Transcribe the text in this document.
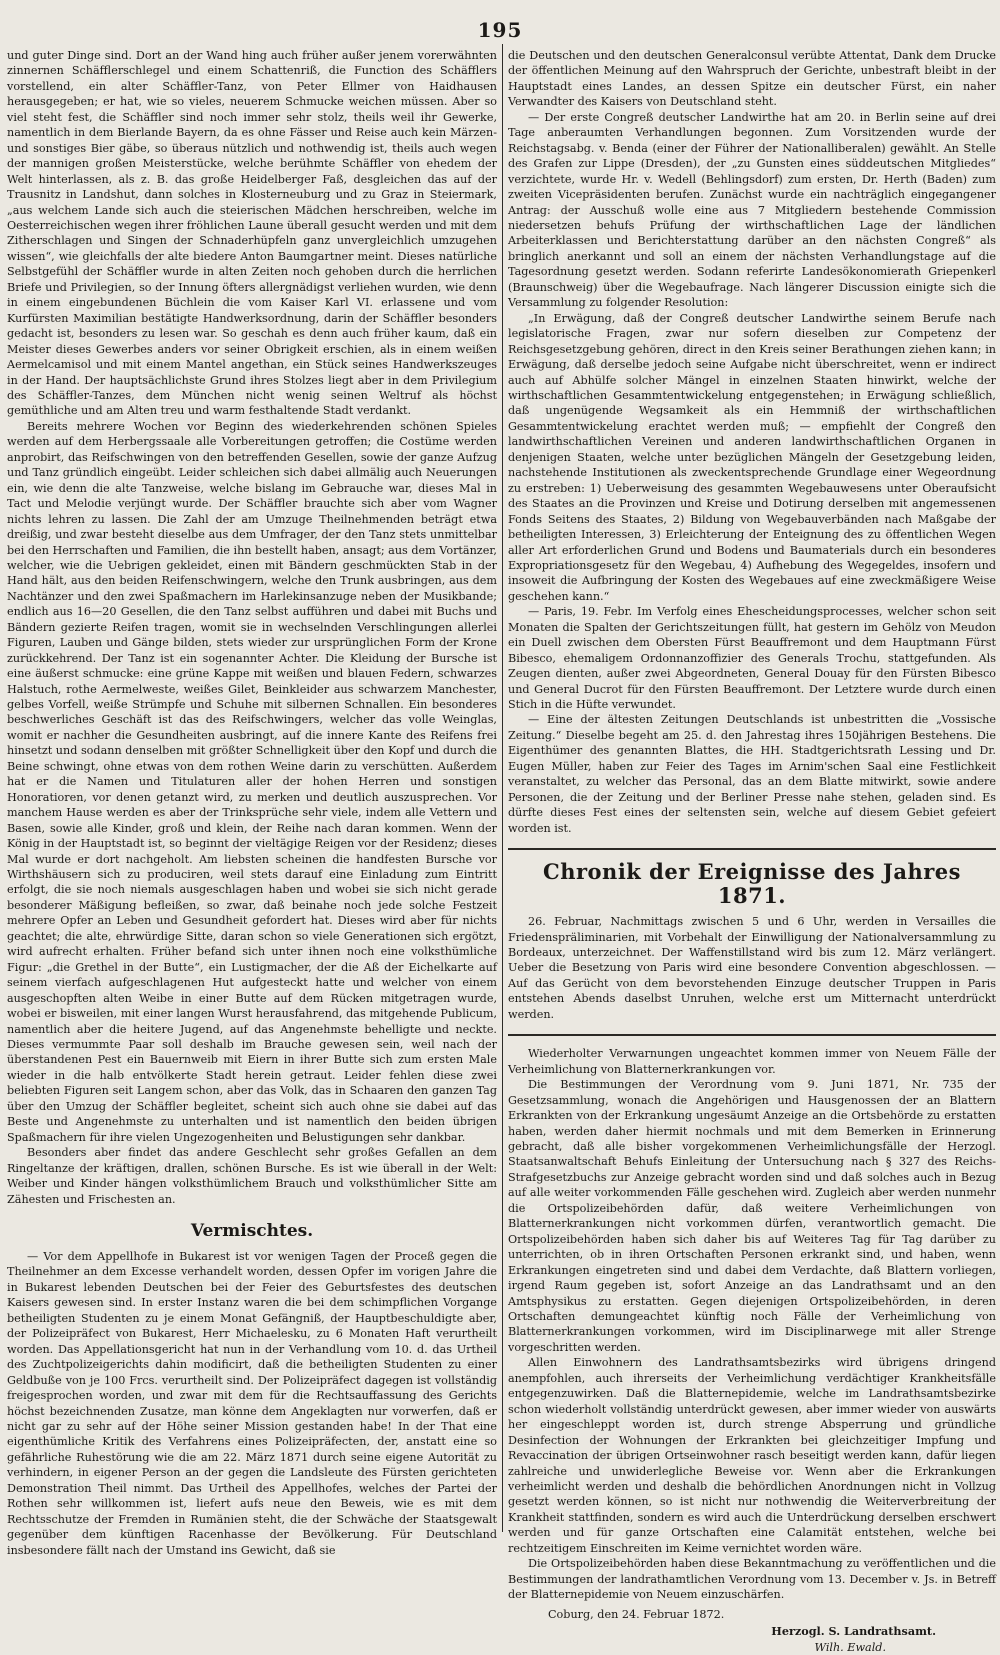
195

und guter Dinge sind. Dort an der Wand hing auch früher außer jenem vorerwähnten zinnernen Schäfflerschlegel und einem Schattenriß, die Function des Schäfflers vorstellend, ein alter Schäffler-Tanz, von Peter Ellmer von Haidhausen herausgegeben; er hat, wie so vieles, neuerem Schmucke weichen müssen. Aber so viel steht fest, die Schäffler sind noch immer sehr stolz, theils weil ihr Gewerke, namentlich in dem Bierlande Bayern, da es ohne Fässer und Reise auch kein Märzen- und sonstiges Bier gäbe, so überaus nützlich und nothwendig ist, theils auch wegen der mannigen großen Meisterstücke, welche berühmte Schäffler von ehedem der Welt hinterlassen, als z. B. das große Heidelberger Faß, desgleichen das auf der Trausnitz in Landshut, dann solches in Klosterneuburg und zu Graz in Steiermark, „aus welchem Lande sich auch die steierischen Mädchen herschreiben, welche im Oesterreichischen wegen ihrer fröhlichen Laune überall gesucht werden und mit dem Zitherschlagen und Singen der Schnaderhüpfeln ganz unvergleichlich umzugehen wissen“, wie gleichfalls der alte biedere Anton Baumgartner meint. Dieses natürliche Selbstgefühl der Schäffler wurde in alten Zeiten noch gehoben durch die herrlichen Briefe und Privilegien, so der Innung öfters allergnädigst verliehen wurden, wie denn in einem eingebundenen Büchlein die vom Kaiser Karl VI. erlassene und vom Kurfürsten Maximilian bestätigte Handwerksordnung, darin der Schäffler besonders gedacht ist, besonders zu lesen war. So geschah es denn auch früher kaum, daß ein Meister dieses Gewerbes anders vor seiner Obrigkeit erschien, als in einem weißen Aermelcamisol und mit einem Mantel angethan, ein Stück seines Handwerkszeuges in der Hand. Der hauptsächlichste Grund ihres Stolzes liegt aber in dem Privilegium des Schäffler-Tanzes, dem München nicht wenig seinen Weltruf als höchst gemüthliche und am Alten treu und warm festhaltende Stadt verdankt.

Bereits mehrere Wochen vor Beginn des wiederkehrenden schönen Spieles werden auf dem Herbergssaale alle Vorbereitungen getroffen; die Costüme werden anprobirt, das Reifschwingen von den betreffenden Gesellen, sowie der ganze Aufzug und Tanz gründlich eingeübt. Leider schleichen sich dabei allmälig auch Neuerungen ein, wie denn die alte Tanzweise, welche bislang im Gebrauche war, dieses Mal in Tact und Melodie verjüngt wurde. Der Schäffler brauchte sich aber vom Wagner nichts lehren zu lassen. Die Zahl der am Umzuge Theilnehmenden beträgt etwa dreißig, und zwar besteht dieselbe aus dem Umfrager, der den Tanz stets unmittelbar bei den Herrschaften und Familien, die ihn bestellt haben, ansagt; aus dem Vortänzer, welcher, wie die Uebrigen gekleidet, einen mit Bändern geschmückten Stab in der Hand hält, aus den beiden Reifenschwingern, welche den Trunk ausbringen, aus dem Nachtänzer und den zwei Spaßmachern im Harlekinsanzuge neben der Musikbande; endlich aus 16—20 Gesellen, die den Tanz selbst aufführen und dabei mit Buchs und Bändern gezierte Reifen tragen, womit sie in wechselnden Verschlingungen allerlei Figuren, Lauben und Gänge bilden, stets wieder zur ursprünglichen Form der Krone zurückkehrend. Der Tanz ist ein sogenannter Achter. Die Kleidung der Bursche ist eine äußerst schmucke: eine grüne Kappe mit weißen und blauen Federn, schwarzes Halstuch, rothe Aermelweste, weißes Gilet, Beinkleider aus schwarzem Manchester, gelbes Vorfell, weiße Strümpfe und Schuhe mit silbernen Schnallen. Ein besonderes beschwerliches Geschäft ist das des Reifschwingers, welcher das volle Weinglas, womit er nachher die Gesundheiten ausbringt, auf die innere Kante des Reifens frei hinsetzt und sodann denselben mit größter Schnelligkeit über den Kopf und durch die Beine schwingt, ohne etwas von dem rothen Weine darin zu verschütten. Außerdem hat er die Namen und Titulaturen aller der hohen Herren und sonstigen Honoratioren, vor denen getanzt wird, zu merken und deutlich auszusprechen. Vor manchem Hause werden es aber der Trinksprüche sehr viele, indem alle Vettern und Basen, sowie alle Kinder, groß und klein, der Reihe nach daran kommen. Wenn der König in der Hauptstadt ist, so beginnt der vieltägige Reigen vor der Residenz; dieses Mal wurde er dort nachgeholt. Am liebsten scheinen die handfesten Bursche vor Wirthshäusern sich zu produciren, weil stets darauf eine Einladung zum Eintritt erfolgt, die sie noch niemals ausgeschlagen haben und wobei sie sich nicht gerade besonderer Mäßigung befleißen, so zwar, daß beinahe noch jede solche Festzeit mehrere Opfer an Leben und Gesundheit gefordert hat. Dieses wird aber für nichts geachtet; die alte, ehrwürdige Sitte, daran schon so viele Generationen sich ergötzt, wird aufrecht erhalten. Früher befand sich unter ihnen noch eine volksthümliche Figur: „die Grethel in der Butte“, ein Lustigmacher, der die Aß der Eichelkarte auf seinem vierfach aufgeschlagenen Hut aufgesteckt hatte und welcher von einem ausgeschopften alten Weibe in einer Butte auf dem Rücken mitgetragen wurde, wobei er bisweilen, mit einer langen Wurst herausfahrend, das mitgehende Publicum, namentlich aber die heitere Jugend, auf das Angenehmste behelligte und neckte. Dieses vermummte Paar soll deshalb im Brauche gewesen sein, weil nach der überstandenen Pest ein Bauernweib mit Eiern in ihrer Butte sich zum ersten Male wieder in die halb entvölkerte Stadt herein getraut. Leider fehlen diese zwei beliebten Figuren seit Langem schon, aber das Volk, das in Schaaren den ganzen Tag über den Umzug der Schäffler begleitet, scheint sich auch ohne sie dabei auf das Beste und Angenehmste zu unterhalten und ist namentlich den beiden übrigen Spaßmachern für ihre vielen Ungezogenheiten und Belustigungen sehr dankbar.

Besonders aber findet das andere Geschlecht sehr großes Gefallen an dem Ringeltanze der kräftigen, drallen, schönen Bursche. Es ist wie überall in der Welt: Weiber und Kinder hängen volksthümlichem Brauch und volksthümlicher Sitte am Zähesten und Frischesten an.

Vermischtes.

— Vor dem Appellhofe in Bukarest ist vor wenigen Tagen der Proceß gegen die Theilnehmer an dem Excesse verhandelt worden, dessen Opfer im vorigen Jahre die in Bukarest lebenden Deutschen bei der Feier des Geburtsfestes des deutschen Kaisers gewesen sind. In erster Instanz waren die bei dem schimpflichen Vorgange betheiligten Studenten zu je einem Monat Gefängniß, der Hauptbeschuldigte aber, der Polizeipräfect von Bukarest, Herr Michaelesku, zu 6 Monaten Haft verurtheilt worden. Das Appellationsgericht hat nun in der Verhandlung vom 10. d. das Urtheil des Zuchtpolizeigerichts dahin modificirt, daß die betheiligten Studenten zu einer Geldbuße von je 100 Frcs. verurtheilt sind. Der Polizeipräfect dagegen ist vollständig freigesprochen worden, und zwar mit dem für die Rechtsauffassung des Gerichts höchst bezeichnenden Zusatze, man könne dem Angeklagten nur vorwerfen, daß er nicht gar zu sehr auf der Höhe seiner Mission gestanden habe! In der That eine eigenthümliche Kritik des Verfahrens eines Polizeipräfecten, der, anstatt eine so gefährliche Ruhestörung wie die am 22. März 1871 durch seine eigene Autorität zu verhindern, in eigener Person an der gegen die Landsleute des Fürsten gerichteten Demonstration Theil nimmt. Das Urtheil des Appellhofes, welches der Partei der Rothen sehr willkommen ist, liefert aufs neue den Beweis, wie es mit dem Rechtsschutze der Fremden in Rumänien steht, die der Schwäche der Staatsgewalt gegenüber dem künftigen Racenhasse der Bevölkerung. Für Deutschland insbesondere fällt nach der Umstand ins Gewicht, daß sie

die Deutschen und den deutschen Generalconsul verübte Attentat, Dank dem Drucke der öffentlichen Meinung auf den Wahrspruch der Gerichte, unbestraft bleibt in der Hauptstadt eines Landes, an dessen Spitze ein deutscher Fürst, ein naher Verwandter des Kaisers von Deutschland steht.

— Der erste Congreß deutscher Landwirthe hat am 20. in Berlin seine auf drei Tage anberaumten Verhandlungen begonnen. Zum Vorsitzenden wurde der Reichstagsabg. v. Benda (einer der Führer der Nationalliberalen) gewählt. An Stelle des Grafen zur Lippe (Dresden), der „zu Gunsten eines süddeutschen Mitgliedes“ verzichtete, wurde Hr. v. Wedell (Behlingsdorf) zum ersten, Dr. Herth (Baden) zum zweiten Vicepräsidenten berufen. Zunächst wurde ein nachträglich eingegangener Antrag: der Ausschuß wolle eine aus 7 Mitgliedern bestehende Commission niedersetzen behufs Prüfung der wirthschaftlichen Lage der ländlichen Arbeiterklassen und Berichterstattung darüber an den nächsten Congreß“ als bringlich anerkannt und soll an einem der nächsten Verhandlungstage auf die Tagesordnung gesetzt werden. Sodann referirte Landesökonomierath Griepenkerl (Braunschweig) über die Wegebaufrage. Nach längerer Discussion einigte sich die Versammlung zu folgender Resolution:

„In Erwägung, daß der Congreß deutscher Landwirthe seinem Berufe nach legislatorische Fragen, zwar nur sofern dieselben zur Competenz der Reichsgesetzgebung gehören, direct in den Kreis seiner Berathungen ziehen kann; in Erwägung, daß derselbe jedoch seine Aufgabe nicht überschreitet, wenn er indirect auch auf Abhülfe solcher Mängel in einzelnen Staaten hinwirkt, welche der wirthschaftlichen Gesammtentwickelung entgegenstehen; in Erwägung schließlich, daß ungenügende Wegsamkeit als ein Hemmniß der wirthschaftlichen Gesammtentwickelung erachtet werden muß; — empfiehlt der Congreß den landwirthschaftlichen Vereinen und anderen landwirthschaftlichen Organen in denjenigen Staaten, welche unter bezüglichen Mängeln der Gesetzgebung leiden, nachstehende Institutionen als zweckentsprechende Grundlage einer Wegeordnung zu erstreben: 1) Ueberweisung des gesammten Wegebauwesens unter Oberaufsicht des Staates an die Provinzen und Kreise und Dotirung derselben mit angemessenen Fonds Seitens des Staates, 2) Bildung von Wegebauverbänden nach Maßgabe der betheiligten Interessen, 3) Erleichterung der Enteignung des zu öffentlichen Wegen aller Art erforderlichen Grund und Bodens und Baumaterials durch ein besonderes Expropriationsgesetz für den Wegebau, 4) Aufhebung des Wegegeldes, insofern und insoweit die Aufbringung der Kosten des Wegebaues auf eine zweckmäßigere Weise geschehen kann.“

— Paris, 19. Febr. Im Verfolg eines Ehescheidungsprocesses, welcher schon seit Monaten die Spalten der Gerichtszeitungen füllt, hat gestern im Gehölz von Meudon ein Duell zwischen dem Obersten Fürst Beauffremont und dem Hauptmann Fürst Bibesco, ehemaligem Ordonnanzoffizier des Generals Trochu, stattgefunden. Als Zeugen dienten, außer zwei Abgeordneten, General Douay für den Fürsten Bibesco und General Ducrot für den Fürsten Beauffremont. Der Letztere wurde durch einen Stich in die Hüfte verwundet.

— Eine der ältesten Zeitungen Deutschlands ist unbestritten die „Vossische Zeitung.“ Dieselbe begeht am 25. d. den Jahrestag ihres 150jährigen Bestehens. Die Eigenthümer des genannten Blattes, die HH. Stadtgerichtsrath Lessing und Dr. Eugen Müller, haben zur Feier des Tages im Arnim'schen Saal eine Festlichkeit veranstaltet, zu welcher das Personal, das an dem Blatte mitwirkt, sowie andere Personen, die der Zeitung und der Berliner Presse nahe stehen, geladen sind. Es dürfte dieses Fest eines der seltensten sein, welche auf diesem Gebiet gefeiert worden ist.

Chronik der Ereignisse des Jahres 1871.

26. Februar, Nachmittags zwischen 5 und 6 Uhr, werden in Versailles die Friedenspräliminarien, mit Vorbehalt der Einwilligung der Nationalversammlung zu Bordeaux, unterzeichnet. Der Waffenstillstand wird bis zum 12. März verlängert. Ueber die Besetzung von Paris wird eine besondere Convention abgeschlossen. — Auf das Gerücht von dem bevorstehenden Einzuge deutscher Truppen in Paris entstehen Abends daselbst Unruhen, welche erst um Mitternacht unterdrückt werden.

Wiederholter Verwarnungen ungeachtet kommen immer von Neuem Fälle der Verheimlichung von Blatternerkrankungen vor.

Die Bestimmungen der Verordnung vom 9. Juni 1871, Nr. 735 der Gesetzsammlung, wonach die Angehörigen und Hausgenossen der an Blattern Erkrankten von der Erkrankung ungesäumt Anzeige an die Ortsbehörde zu erstatten haben, werden daher hiermit nochmals und mit dem Bemerken in Erinnerung gebracht, daß alle bisher vorgekommenen Verheimlichungsfälle der Herzogl. Staatsanwaltschaft Behufs Einleitung der Untersuchung nach § 327 des Reichs-Strafgesetzbuchs zur Anzeige gebracht worden sind und daß solches auch in Bezug auf alle weiter vorkommenden Fälle geschehen wird. Zugleich aber werden nunmehr die Ortspolizeibehörden dafür, daß weitere Verheimlichungen von Blatternerkrankungen nicht vorkommen dürfen, verantwortlich gemacht. Die Ortspolizeibehörden haben sich daher bis auf Weiteres Tag für Tag darüber zu unterrichten, ob in ihren Ortschaften Personen erkrankt sind, und haben, wenn Erkrankungen eingetreten sind und dabei dem Verdachte, daß Blattern vorliegen, irgend Raum gegeben ist, sofort Anzeige an das Landrathsamt und an den Amtsphysikus zu erstatten. Gegen diejenigen Ortspolizeibehörden, in deren Ortschaften demungeachtet künftig noch Fälle der Verheimlichung von Blatternerkrankungen vorkommen, wird im Disciplinarwege mit aller Strenge vorgeschritten werden.

Allen Einwohnern des Landrathsamtsbezirks wird übrigens dringend anempfohlen, auch ihrerseits der Verheimlichung verdächtiger Krankheitsfälle entgegenzuwirken. Daß die Blatternepidemie, welche im Landrathsamtsbezirke schon wiederholt vollständig unterdrückt gewesen, aber immer wieder von auswärts her eingeschleppt worden ist, durch strenge Absperrung und gründliche Desinfection der Wohnungen der Erkrankten bei gleichzeitiger Impfung und Revaccination der übrigen Ortseinwohner rasch beseitigt werden kann, dafür liegen zahlreiche und unwiderlegliche Beweise vor. Wenn aber die Erkrankungen verheimlicht werden und deshalb die behördlichen Anordnungen nicht in Vollzug gesetzt werden können, so ist nicht nur nothwendig die Weiterverbreitung der Krankheit stattfinden, sondern es wird auch die Unterdrückung derselben erschwert werden und für ganze Ortschaften eine Calamität entstehen, welche bei rechtzeitigem Einschreiten im Keime vernichtet worden wäre.

Die Ortspolizeibehörden haben diese Bekanntmachung zu veröffentlichen und die Bestimmungen der landrathamtlichen Verordnung vom 13. December v. Js. in Betreff der Blatternepidemie von Neuem einzuschärfen.

Coburg, den 24. Februar 1872.

Herzogl. S. Landrathsamt.

Wilh. Ewald.
